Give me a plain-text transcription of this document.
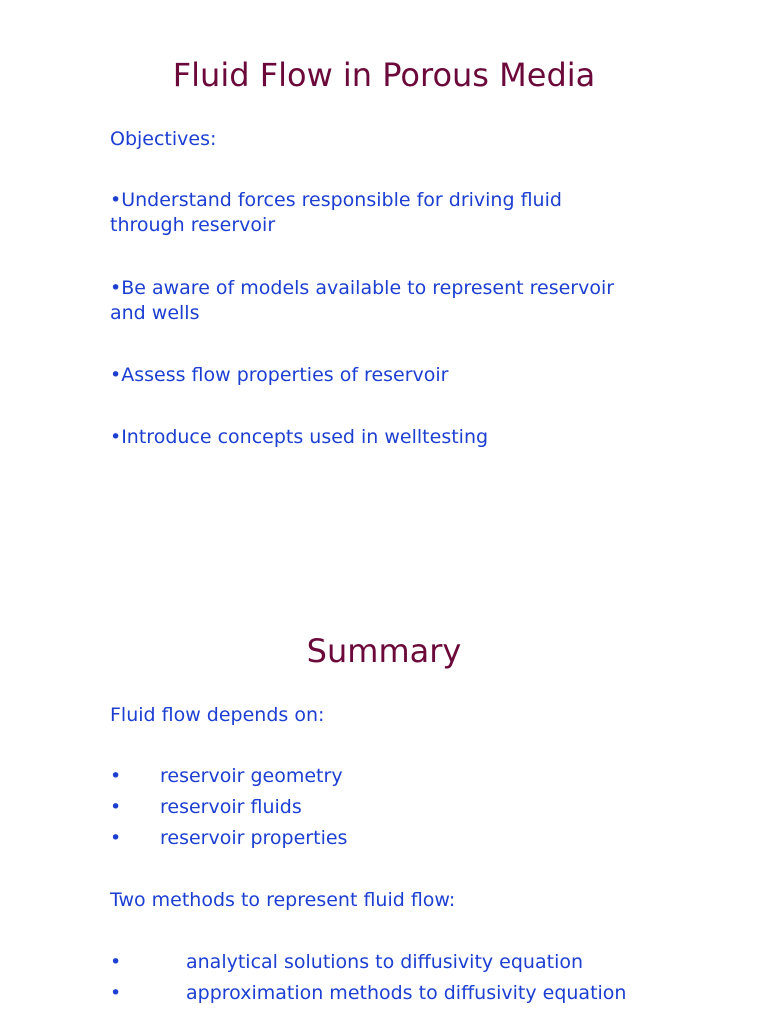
Fluid Flow in Porous Media

Objectives:

•Understand forces responsible for driving fluid through reservoir

•Be aware of models available to represent reservoir and wells

•Assess flow properties of reservoir

•Introduce concepts used in welltesting

Summary

Fluid flow depends on:

• reservoir geometry
• reservoir fluids
• reservoir properties

Two methods to represent fluid flow:

•	analytical solutions to diffusivity equation
•	approximation methods to diffusivity equation
